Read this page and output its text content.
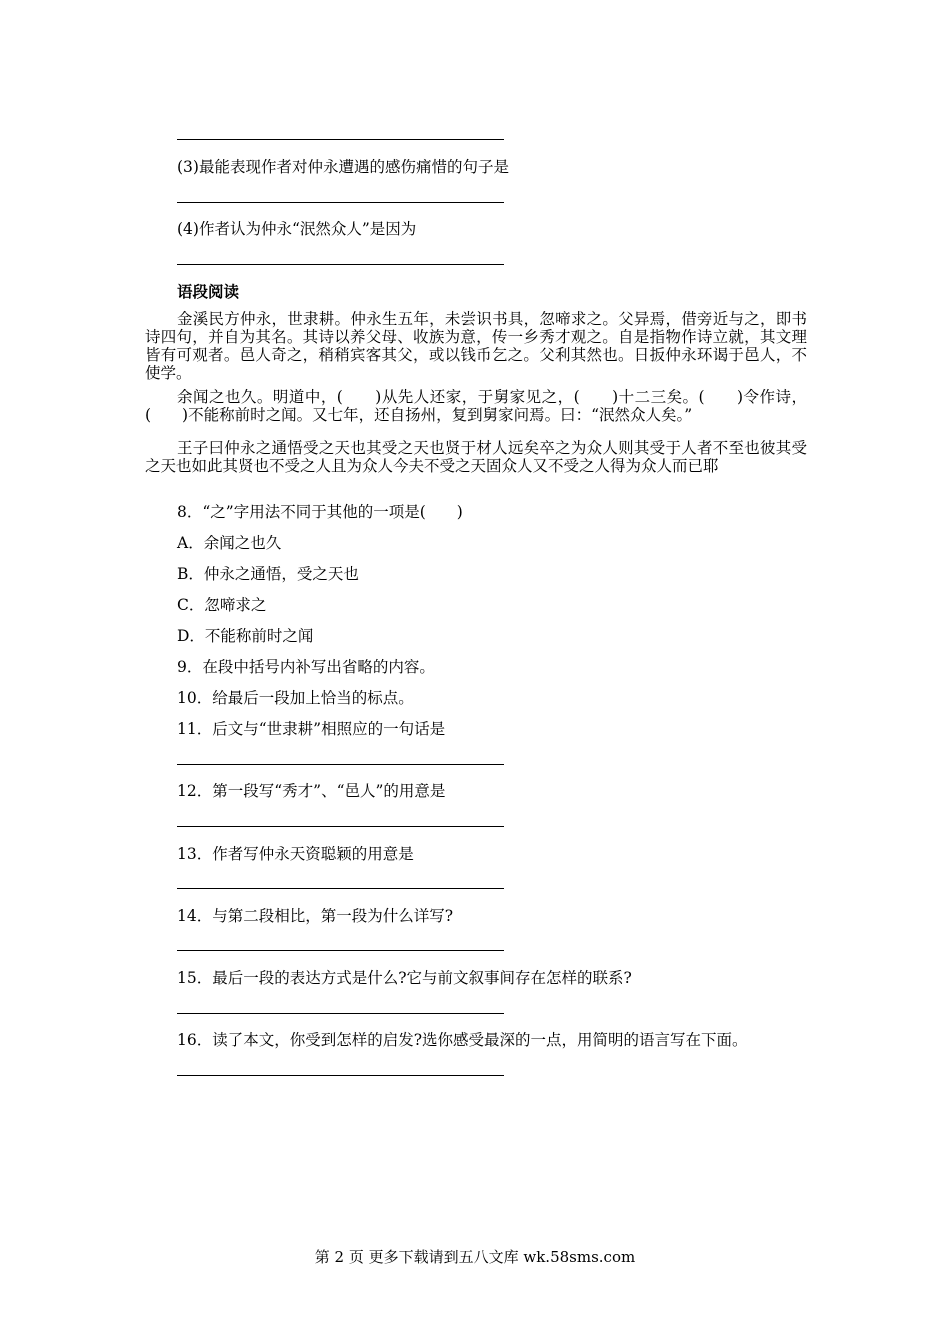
(3)最能表现作者对仲永遭遇的感伤痛惜的句子是
(4)作者认为仲永“泯然众人”是因为
语段阅读
金溪民方仲永，世隶耕。仲永生五年，未尝识书具，忽啼求之。父异焉，借旁近与之，即书诗四句，并自为其名。其诗以养父母、收族为意，传一乡秀才观之。自是指物作诗立就，其文理皆有可观者。邑人奇之，稍稍宾客其父，或以钱币乞之。父利其然也。日扳仲永环谒于邑人，不使学。
余闻之也久。明道中，(　　)从先人还家，于舅家见之，(　　)十二三矣。(　　)令作诗，(　　)不能称前时之闻。又七年，还自扬州，复到舅家问焉。曰：“泯然众人矣。”
王子曰仲永之通悟受之天也其受之天也贤于材人远矣卒之为众人则其受于人者不至也彼其受之天也如此其贤也不受之人且为众人今夫不受之天固众人又不受之人得为众人而已耶
8．“之”字用法不同于其他的一项是(　　)
A．余闻之也久
B．仲永之通悟，受之天也
C．忽啼求之
D．不能称前时之闻
9．在段中括号内补写出省略的内容。
10．给最后一段加上恰当的标点。
11．后文与“世隶耕”相照应的一句话是
12．第一段写“秀才”、“邑人”的用意是
13．作者写仲永天资聪颖的用意是
14．与第二段相比，第一段为什么详写?
15．最后一段的表达方式是什么?它与前文叙事间存在怎样的联系?
16．读了本文，你受到怎样的启发?选你感受最深的一点，用简明的语言写在下面。
第 2 页 更多下载请到五八文库 wk.58sms.com
